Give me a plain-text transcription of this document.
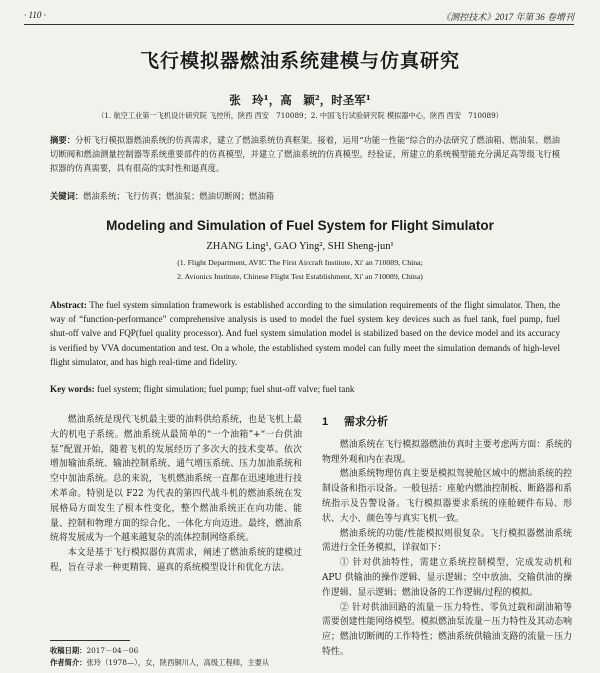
· 110 ·	《测控技术》2017 年第 36 卷增刊
飞行模拟器燃油系统建模与仿真研究
张　玲¹，高　颖²，时圣军¹
（1. 航空工业第一飞机设计研究院 飞控所，陕西 西安　710089；2. 中国飞行试验研究院 模拟器中心，陕西 西安　710089）
摘要：分析飞行模拟器燃油系统的仿真需求，建立了燃油系统仿真框架。接着，运用“功能－性能”综合的办法研究了燃油箱、燃油泵、燃油切断阀和燃油测量控制器等系统重要部件的仿真模型，并建立了燃油系统的仿真模型。经验证，所建立的系统模型能充分满足高等级飞行模拟器的仿真需要，具有很高的实时性和逼真度。
关键词：燃油系统；飞行仿真；燃油泵；燃油切断阀；燃油箱
Modeling and Simulation of Fuel System for Flight Simulator
ZHANG Ling¹, GAO Ying², SHI Sheng-jun¹
(1. Flight Department, AVIC The First Aircraft Institute, Xi' an 710089, China;
2. Avionics Institute, Chinese Flight Test Establishment, Xi' an 710089, China)
Abstract: The fuel system simulation framework is established according to the simulation requirements of the flight simulator. Then, the way of “function-performance” comprehensive analysis is used to model the fuel system key devices such as fuel tank, fuel pump, fuel shut-off valve and FQP(fuel quality processor). And fuel system simulation model is stabilized based on the device model and its accuracy is verified by VVA documentation and test. On a whole, the established system model can fully meet the simulation demands of high-level flight simulator, and has high real-time and fidelity.
Key words: fuel system; flight simulation; fuel pump; fuel shut-off valve; fuel tank

燃油系统是现代飞机最主要的油料供给系统，也是飞机上最大的机电子系统。燃油系统从最简单的“一个油箱”+“一台供油泵”配置开始，随着飞机的发展经历了多次大的技术变革。依次增加输油系统、输油控制系统、通气增压系统、压力加油系统和空中加油系统。总的来说，飞机燃油系统一直都在迅速地进行技术革命。特别是以 F22 为代表的第四代战斗机的燃油系统在发展格局方面发生了根本性变化，整个燃油系统正在向功能、能量、控制和物理方面的综合化、一体化方向迈进。最终，燃油系统将发展成为一个越来越复杂的流体控制网络系统。

本文是基于飞行模拟器仿真需求，阐述了燃油系统的建模过程，旨在寻求一种更精简、逼真的系统模型设计和优化方法。

1 需求分析

燃油系统在飞行模拟器燃油仿真时主要考虑两方面：系统的物理外观和内在表现。

燃油系统物理仿真主要是模拟驾驶舱区域中的燃油系统的控制设备和指示设备。一般包括：座舱内燃油控制板、断路器和系统指示及告警设备。飞行模拟器要求系统的座舱硬件布局、形状、大小、颜色等与真实飞机一致。

燃油系统的功能/性能模拟则很复杂。飞行模拟器燃油系统需进行全任务模拟，详叙如下：

① 针对供油特性，需建立系统控制模型，完成发动机和 APU 供输油的操作逻辑、显示逻辑；空中放油、交输供油的操作逻辑、显示逻辑；燃油设备的工作逻辑/过程的模拟。

② 针对供油回路的流量－压力特性、零负过载和副油箱等需要创建性能网络模型。模拟燃油泵流量－压力特性及其动态响应；燃油切断阀的工作特性；燃油系统供输油支路的流量－压力特性。

收稿日期：2017－04－06
作者简介：张玲（1978—），女，陕西铜川人，高级工程师，主要从
